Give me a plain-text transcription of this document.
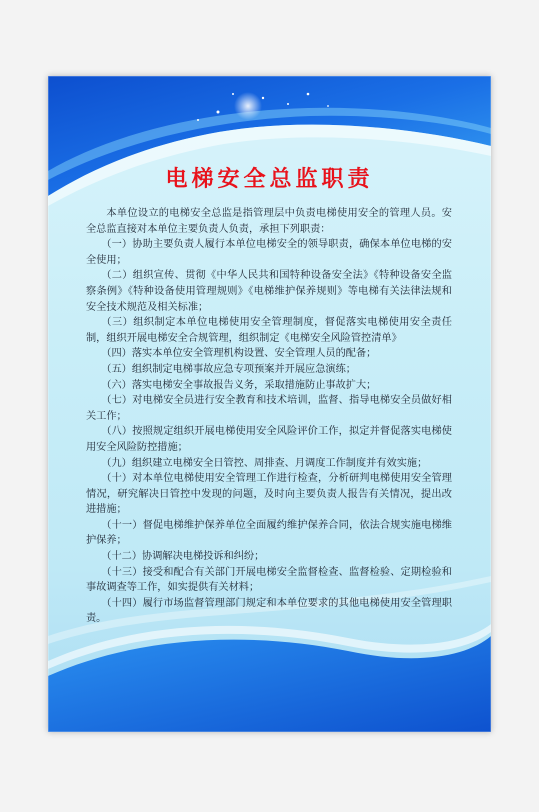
电梯安全总监职责

本单位设立的电梯安全总监是指管理层中负责电梯使用安全的管理人员。安全总监直接对本单位主要负责人负责，承担下列职责：

（一）协助主要负责人履行本单位电梯安全的领导职责，确保本单位电梯的安全使用；

（二）组织宣传、贯彻《中华人民共和国特种设备安全法》《特种设备安全监察条例》《特种设备使用管理规则》《电梯维护保养规则》等电梯有关法律法规和安全技术规范及相关标准；

（三）组织制定本单位电梯使用安全管理制度，督促落实电梯使用安全责任制，组织开展电梯安全合规管理，组织制定《电梯安全风险管控清单》

（四）落实本单位安全管理机构设置、安全管理人员的配备；

（五）组织制定电梯事故应急专项预案并开展应急演练；

（六）落实电梯安全事故报告义务，采取措施防止事故扩大；

（七）对电梯安全员进行安全教育和技术培训，监督、指导电梯安全员做好相关工作；

（八）按照规定组织开展电梯使用安全风险评价工作，拟定并督促落实电梯使用安全风险防控措施；

（九）组织建立电梯安全日管控、周排查、月调度工作制度并有效实施；

（十）对本单位电梯使用安全管理工作进行检查，分析研判电梯使用安全管理情况，研究解决日管控中发现的问题，及时向主要负责人报告有关情况，提出改进措施；

（十一）督促电梯维护保养单位全面履约维护保养合同，依法合规实施电梯维护保养；

（十二）协调解决电梯投诉和纠纷；

（十三）接受和配合有关部门开展电梯安全监督检查、监督检验、定期检验和事故调查等工作，如实提供有关材料；

（十四）履行市场监督管理部门规定和本单位要求的其他电梯使用安全管理职责。
